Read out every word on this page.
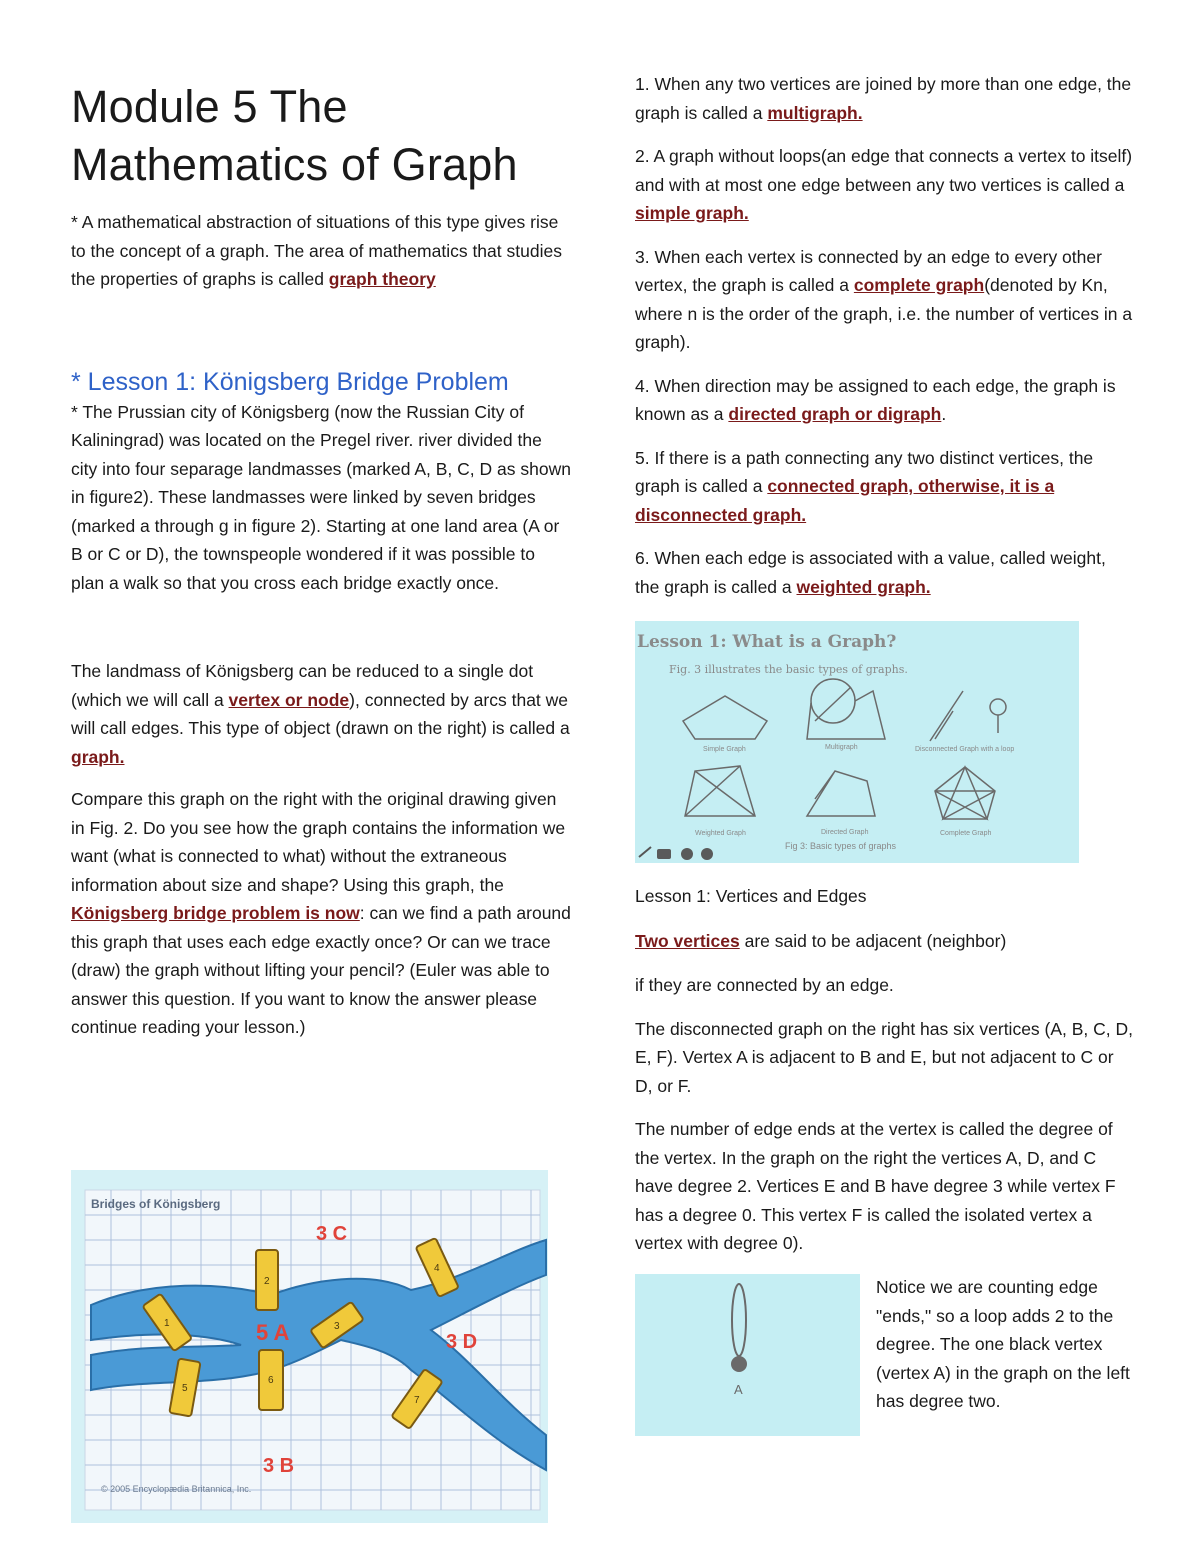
Module 5 The
Mathematics of Graph

* A mathematical abstraction of situations of this type gives rise to the concept of a graph. The area of mathematics that studies the properties of graphs is called graph theory

* Lesson 1: Königsberg Bridge Problem

* The Prussian city of Königsberg (now the Russian City of Kaliningrad) was located on the Pregel river. river divided the city into four separage landmasses (marked A, B, C, D as shown in figure2). These landmasses were linked by seven bridges (marked a through g in figure 2). Starting at one land area (A or B or C or D), the townspeople wondered if it was possible to plan a walk so that you cross each bridge exactly once.

The landmass of Königsberg can be reduced to a single dot (which we will call a vertex or node), connected by arcs that we will call edges. This type of object (drawn on the right) is called a graph.

Compare this graph on the right with the original drawing given in Fig. 2. Do you see how the graph contains the information we want (what is connected to what) without the extraneous information about size and shape? Using this graph, the Königsberg bridge problem is now: can we find a path around this graph that uses each edge exactly once? Or can we trace (draw) the graph without lifting your pencil? (Euler was able to answer this question. If you want to know the answer please continue reading your lesson.)

Bridges of Königsberg
3 C
5 A	3 D
3 B
1
2
3
4
5
6
7
© 2005 Encyclopædia Britannica, Inc.

1. When any two vertices are joined by more than one edge, the graph is called a multigraph.

2. A graph without loops(an edge that connects a vertex to itself) and with at most one edge between any two vertices is called a simple graph.

3. When each vertex is connected by an edge to every other vertex, the graph is called a complete graph(denoted by Kn, where n is the order of the graph, i.e. the number of vertices in a graph).

4. When direction may be assigned to each edge, the graph is known as a directed graph or digraph.

5. If there is a path connecting any two distinct vertices, the graph is called a connected graph, otherwise, it is a disconnected graph.

6. When each edge is associated with a value, called weight, the graph is called a weighted graph.

Lesson 1: What is a Graph?
Fig. 3 illustrates the basic types of graphs.
Simple Graph	Multigraph	Disconnected Graph with a loop
Weighted Graph	Directed Graph	Complete Graph
Fig 3: Basic types of graphs

Lesson 1: Vertices and Edges

Two vertices are said to be adjacent (neighbor)

if they are connected by an edge.

The disconnected graph on the right has six vertices (A, B, C, D, E, F). Vertex A is adjacent to B and E, but not adjacent to C or D, or F.

The number of edge ends at the vertex is called the degree of the vertex. In the graph on the right the vertices A, D, and C have degree 2. Vertices E and B have degree 3 while vertex F has a degree 0. This vertex F is called the isolated vertex a vertex with degree 0).

A

Notice we are counting edge "ends," so a loop adds 2 to the degree. The one black vertex (vertex A) in the graph on the left has degree two.
